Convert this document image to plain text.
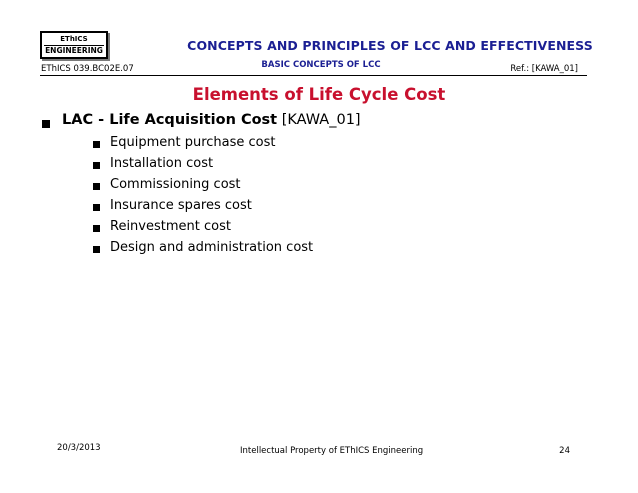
EThICS
ENGINEERING	CONCEPTS AND PRINCIPLES OF LCC AND EFFECTIVENESS
EThICS 039.BC02E.07	BASIC CONCEPTS OF LCC	Ref.: [KAWA_01]
Elements of Life Cycle Cost
LAC - Life Acquisition Cost [KAWA_01]
Equipment purchase cost
Installation cost
Commissioning cost
Insurance spares cost
Reinvestment cost
Design and administration cost
20/3/2013	Intellectual Property of EThICS Engineering	24
